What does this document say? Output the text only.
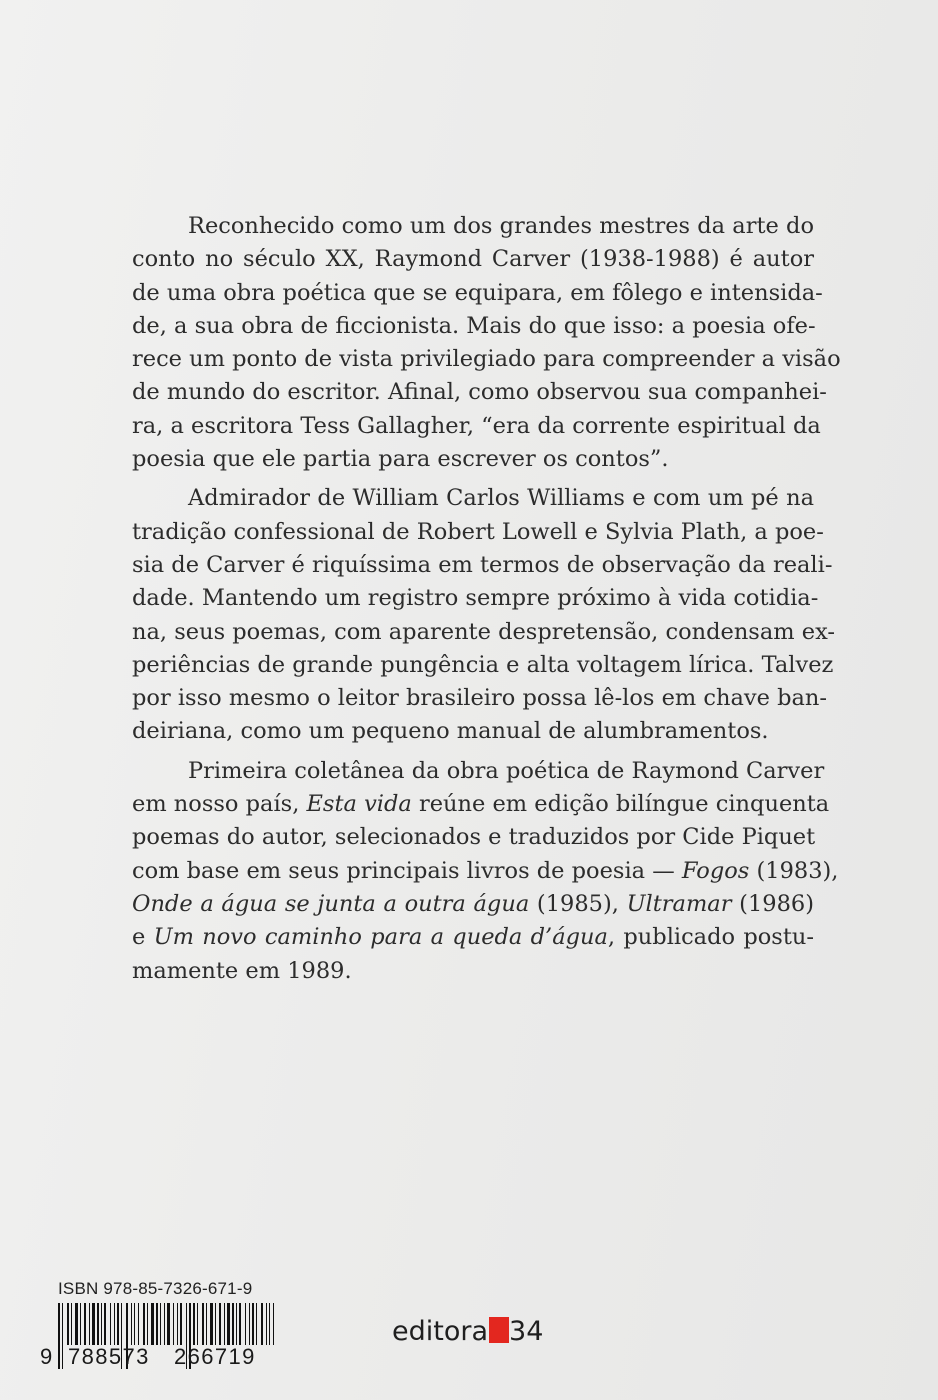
Reconhecido como um dos grandes mestres da arte do
conto no século XX, Raymond Carver (1938-1988) é autor
de uma obra poética que se equipara, em fôlego e intensida-
de, a sua obra de ficcionista. Mais do que isso: a poesia ofe-
rece um ponto de vista privilegiado para compreender a visão
de mundo do escritor. Afinal, como observou sua companhei-
ra, a escritora Tess Gallagher, “era da corrente espiritual da
poesia que ele partia para escrever os contos”.
Admirador de William Carlos Williams e com um pé na
tradição confessional de Robert Lowell e Sylvia Plath, a poe-
sia de Carver é riquíssima em termos de observação da reali-
dade. Mantendo um registro sempre próximo à vida cotidia-
na, seus poemas, com aparente despretensão, condensam ex-
periências de grande pungência e alta voltagem lírica. Talvez
por isso mesmo o leitor brasileiro possa lê-los em chave ban-
deiriana, como um pequeno manual de alumbramentos.
Primeira coletânea da obra poética de Raymond Carver
em nosso país, Esta vida reúne em edição bilíngue cinquenta
poemas do autor, selecionados e traduzidos por Cide Piquet
com base em seus principais livros de poesia — Fogos (1983),
Onde a água se junta a outra água (1985), Ultramar (1986)
e Um novo caminho para a queda d’água, publicado postu-
mamente em 1989.
ISBN 978-85-7326-671-9
9 788573 266719
editora 34
